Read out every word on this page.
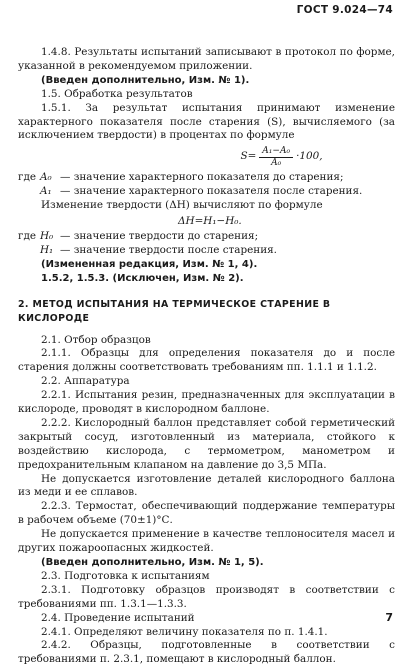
ГОСТ 9.024—74

1.4.8. Результаты испытаний записывают в протокол по форме, указанной в рекомендуемом приложении.

(Введен дополнительно, Изм. № 1).

1.5. Обработка результатов

1.5.1. За результат испытания принимают изменение характерного показателя после старения (S), вычисляемого (за исключением твердости) в процентах по формуле

$S= \frac{\text{A₁−A₀}}{\text{A₀}} \cdot 100$,
где A₀ — значение характерного показателя до старения;
A₁ — значение характерного показателя после старения.

Изменение твердости (ΔH) вычисляют по формуле

ΔH=H₁−H₀.
где H₀ — значение твердости до старения;
H₁ — значение твердости после старения.

(Измененная редакция, Изм. № 1, 4).

1.5.2, 1.5.3. (Исключен, Изм. № 2).

2. МЕТОД ИСПЫТАНИЯ НА ТЕРМИЧЕСКОЕ СТАРЕНИЕ В КИСЛОРОДЕ

2.1. Отбор образцов

2.1.1. Образцы для определения показателя до и после старения должны соответствовать требованиям пп. 1.1.1 и 1.1.2.

2.2. Аппаратура

2.2.1. Испытания резин, предназначенных для эксплуатации в кислороде, проводят в кислородном баллоне.

2.2.2. Кислородный баллон представляет собой герметический закрытый сосуд, изготовленный из материала, стойкого к воздействию кислорода, с термометром, манометром и предохранительным клапаном на давление до 3,5 МПа.

Не допускается изготовление деталей кислородного баллона из меди и ее сплавов.

2.2.3. Термостат, обеспечивающий поддержание температуры в рабочем объеме (70±1)°С.

Не допускается применение в качестве теплоносителя масел и других пожароопасных жидкостей.

(Введен дополнительно, Изм. № 1, 5).

2.3. Подготовка к испытаниям

2.3.1. Подготовку образцов производят в соответствии с требованиями пп. 1.3.1—1.3.3.

2.4. Проведение испытаний

2.4.1. Определяют величину показателя по п. 1.4.1.

2.4.2. Образцы, подготовленные в соответствии с требованиями п. 2.3.1, помещают в кислородный баллон.

7
